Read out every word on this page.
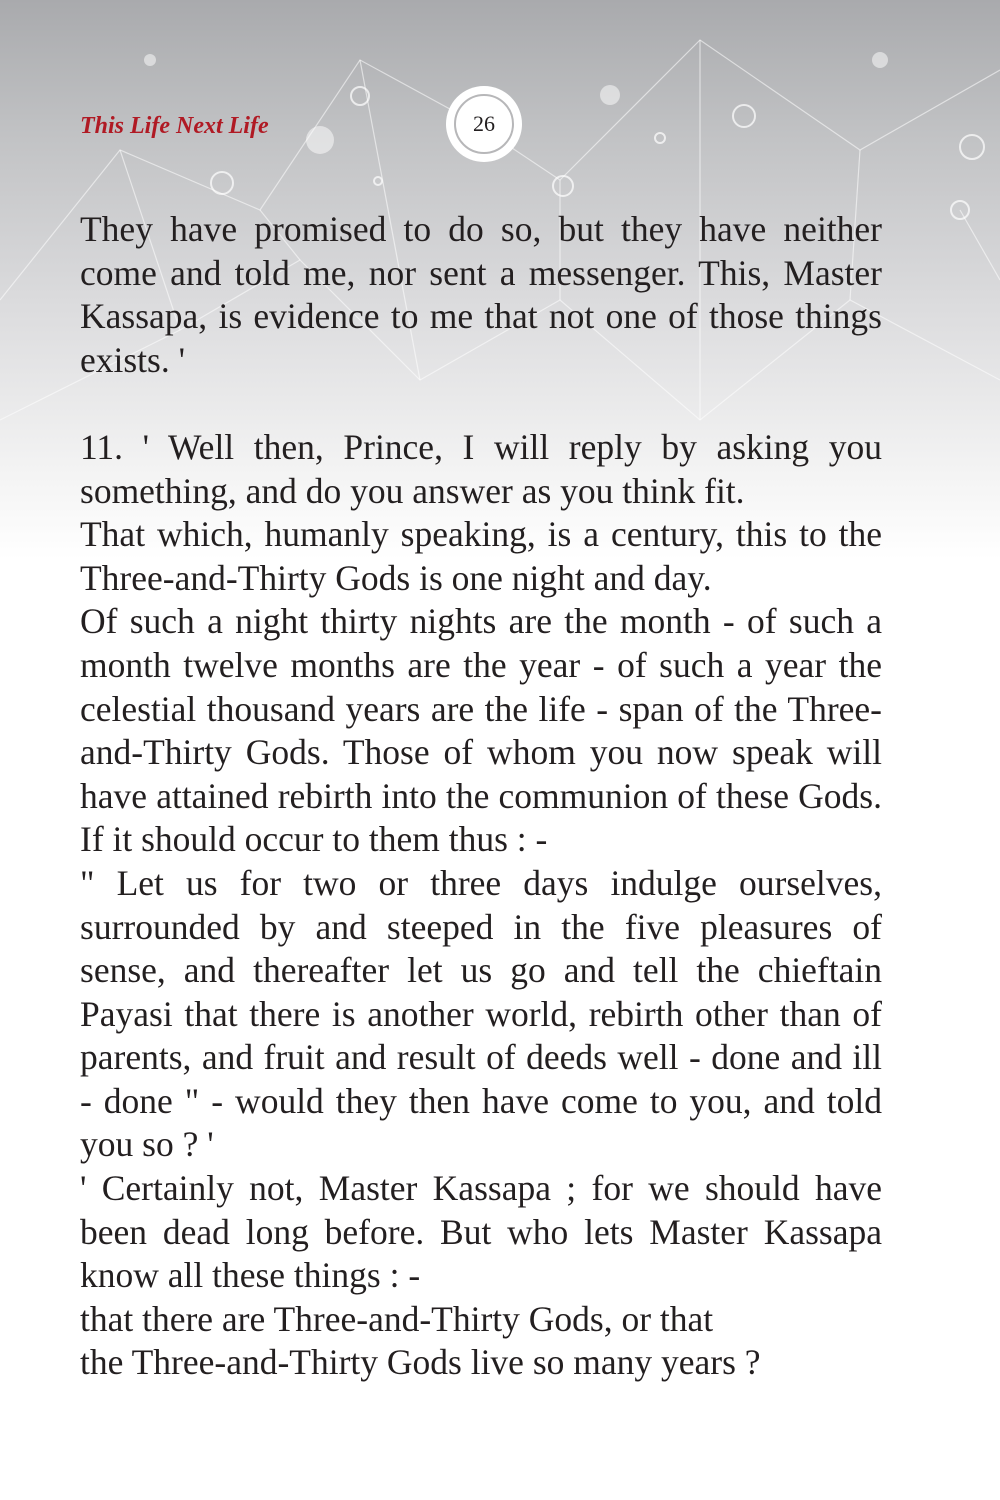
This Life Next Life	26

They have promised to do so, but they have neither come and told me, nor sent a messenger. This, Master Kassapa, is evidence to me that not one of those things exists. '

11. ' Well then, Prince, I will reply by asking you something, and do you answer as you think fit.

That which, humanly speaking, is a century, this to the Three-and-Thirty Gods is one night and day.

Of such a night thirty nights are the month - of such a month twelve months are the year - of such a year the celestial thousand years are the life - span of the Three-and-Thirty Gods. Those of whom you now speak will have attained rebirth into the communion of these Gods. If it should occur to them thus : -

" Let us for two or three days indulge ourselves, surrounded by and steeped in the five pleasures of sense, and thereafter let us go and tell the chieftain Payasi that there is another world, rebirth other than of parents, and fruit and result of deeds well - done and ill - done " - would they then have come to you, and told you so ? '

' Certainly not, Master Kassapa ; for we should have been dead long before. But who lets Master Kassapa know all these things : -

that there are Three-and-Thirty Gods, or that

the Three-and-Thirty Gods live so many years ?
